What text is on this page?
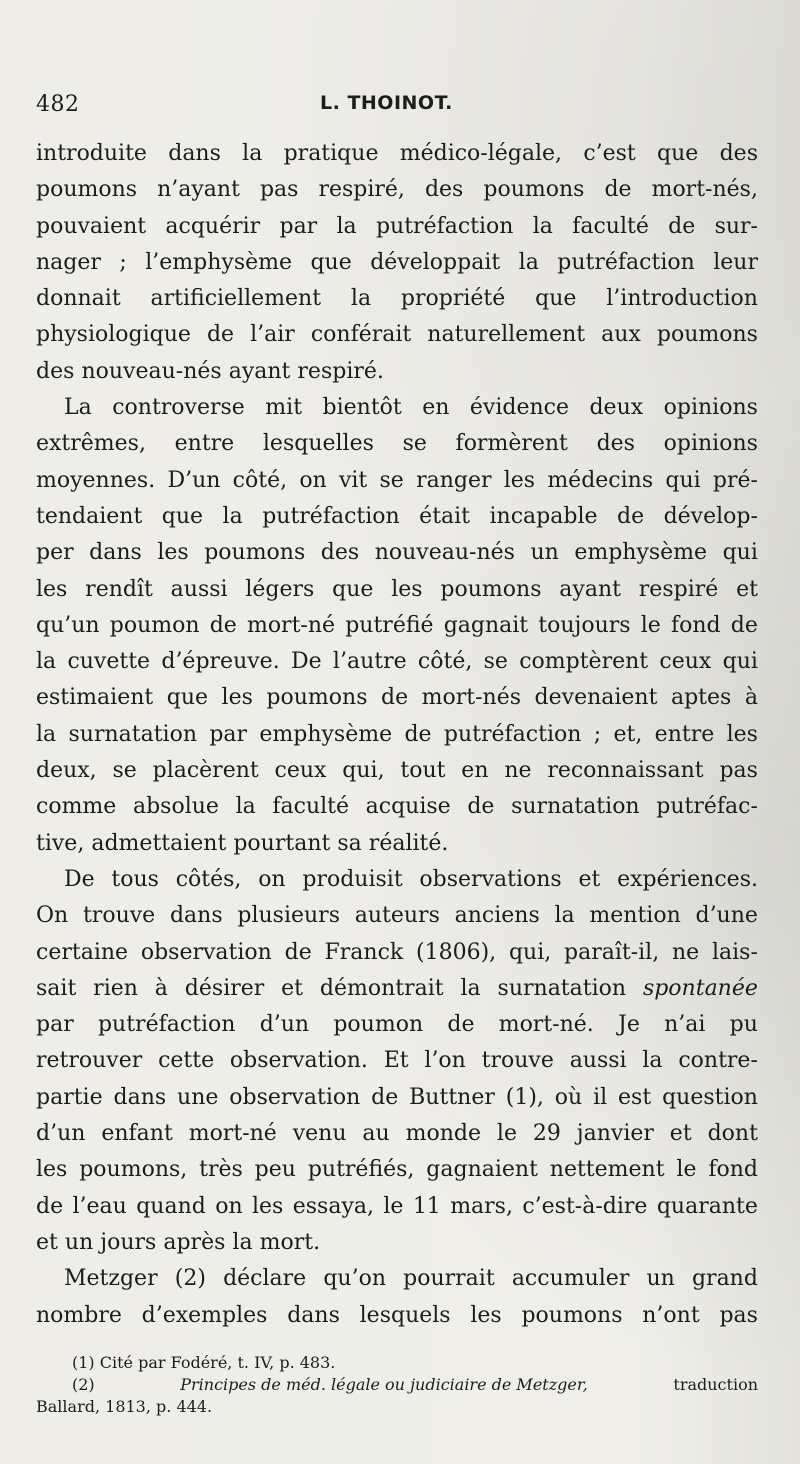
482	L. THOINOT.
introduite dans la pratique médico-légale, c’est que des
poumons n’ayant pas respiré, des poumons de mort-nés,
pouvaient acquérir par la putréfaction la faculté de sur-
nager ; l’emphysème que développait la putréfaction leur
donnait artificiellement la propriété que l’introduction
physiologique de l’air conférait naturellement aux poumons
des nouveau-nés ayant respiré.
La controverse mit bientôt en évidence deux opinions
extrêmes, entre lesquelles se formèrent des opinions
moyennes. D’un côté, on vit se ranger les médecins qui pré-
tendaient que la putréfaction était incapable de dévelop-
per dans les poumons des nouveau-nés un emphysème qui
les rendît aussi légers que les poumons ayant respiré et
qu’un poumon de mort-né putréfié gagnait toujours le fond de
la cuvette d’épreuve. De l’autre côté, se comptèrent ceux qui
estimaient que les poumons de mort-nés devenaient aptes à
la surnatation par emphysème de putréfaction ; et, entre les
deux, se placèrent ceux qui, tout en ne reconnaissant pas
comme absolue la faculté acquise de surnatation putréfac-
tive, admettaient pourtant sa réalité.
De tous côtés, on produisit observations et expériences.
On trouve dans plusieurs auteurs anciens la mention d’une
certaine observation de Franck (1806), qui, paraît-il, ne lais-
sait rien à désirer et démontrait la surnatation spontanée
par putréfaction d’un poumon de mort-né. Je n’ai pu
retrouver cette observation. Et l’on trouve aussi la contre-
partie dans une observation de Buttner (1), où il est question
d’un enfant mort-né venu au monde le 29 janvier et dont
les poumons, très peu putréfiés, gagnaient nettement le fond
de l’eau quand on les essaya, le 11 mars, c’est-à-dire quarante
et un jours après la mort.
Metzger (2) déclare qu’on pourrait accumuler un grand
nombre d’exemples dans lesquels les poumons n’ont pas
(1) Cité par Fodéré, t. IV, p. 483.
(2)	Principes de méd. légale ou judiciaire de Metzger,	traduction
Ballard, 1813, p. 444.
